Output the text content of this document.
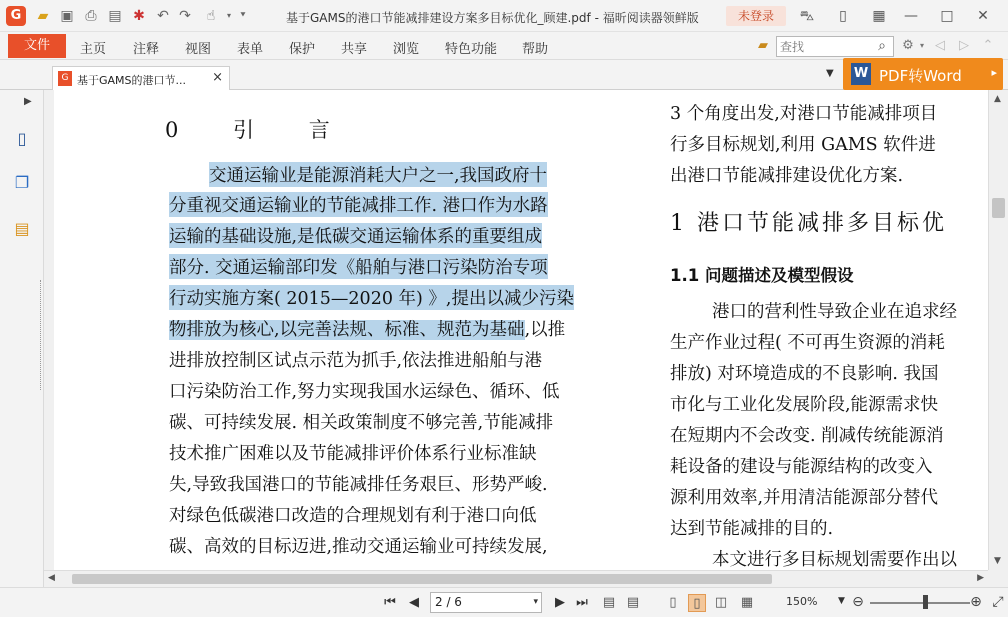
G	▰ ▣ ⎙ ▤ ✱ ↶ ↷	☝	▾ ⯆	基于GAMS的港口节能减排建设方案多目标优化_顾建.pdf - 福昕阅读器领鲜版	未登录	⛍	▯	▦	—	□	✕
文件	主页 注释 视图 表单 保护 共享 浏览 特色功能 帮助	▰
查找	⌕	⚙ ▾ ◁ ▷ ⌃
G 基于GAMS的港口节... ×	▼ W PDF转Word	▸
▶
▯
❐
▤
0 引 言
交通运输业是能源消耗大户之一,我国政府十
分重视交通运输业的节能减排工作. 港口作为水路
运输的基础设施,是低碳交通运输体系的重要组成
部分. 交通运输部印发《船舶与港口污染防治专项
行动实施方案( 2015—2020 年) 》,提出以减少污染
物排放为核心,以完善法规、标准、规范为基础,以推
进排放控制区试点示范为抓手,依法推进船舶与港
口污染防治工作,努力实现我国水运绿色、循环、低
碳、可持续发展. 相关政策制度不够完善,节能减排
技术推广困难以及节能减排评价体系行业标准缺
失,导致我国港口的节能减排任务艰巨、形势严峻.
对绿色低碳港口改造的合理规划有利于港口向低
碳、高效的目标迈进,推动交通运输业可持续发展,
3 个角度出发,对港口节能减排项目
行多目标规划,利用 GAMS 软件进
出港口节能减排建设优化方案.
港口的营利性导致企业在追求经
生产作业过程( 不可再生资源的消耗
排放) 对环境造成的不良影响. 我国
市化与工业化发展阶段,能源需求快
在短期内不会改变. 削减传统能源消
耗设备的建设与能源结构的改变入
源利用效率,并用清洁能源部分替代
达到节能减排的目的.
本文进行多目标规划需要作出以
1 港口节能减排多目标优
1.1 问题描述及模型假设
▲
▼
◀	▶
⏮ ◀ 2 / 6	▾ ▶ ⏭ ▤ ▤	▯	▯	◫ ▦	150% ▼ ⊖	⊕ ⤢
